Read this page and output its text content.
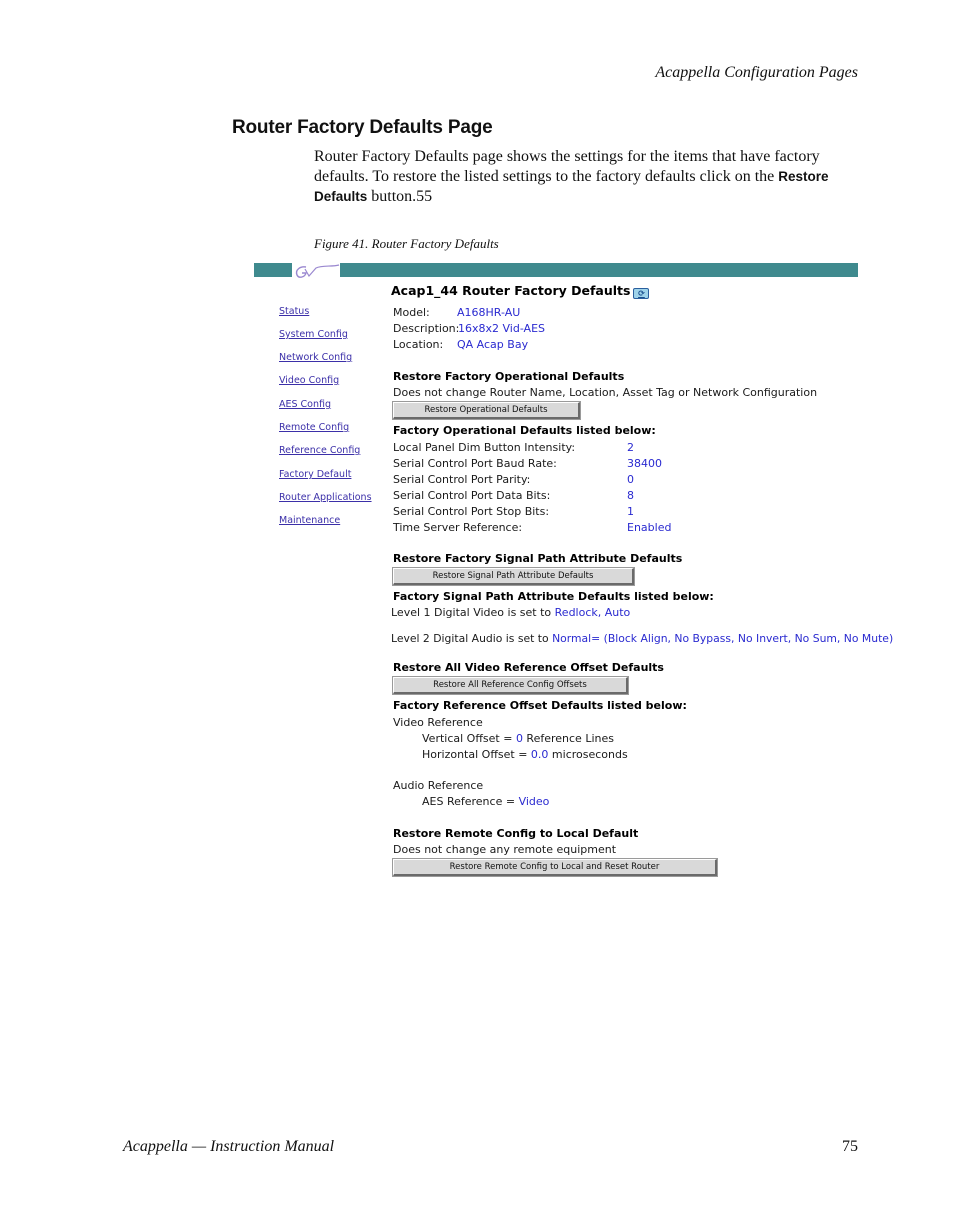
Acappella Configuration Pages
Router Factory Defaults Page
Router Factory Defaults page shows the settings for the items that have factory defaults. To restore the listed settings to the factory defaults click on the Restore Defaults button.55
Figure 41. Router Factory Defaults
Status
System Config
Network Config
Video Config
AES Config
Remote Config
Reference Config
Factory Default
Router Applications
Maintenance
Acap1_44 Router Factory Defaults ⟳
Model: A168HR-AU
Description:
16x8x2 Vid-AES
Location: QA Acap Bay
Restore Factory Operational Defaults
Does not change Router Name, Location, Asset Tag or Network Configuration
Restore Operational Defaults
Factory Operational Defaults listed below:
Local Panel Dim Button Intensity:	2
Serial Control Port Baud Rate:	38400
Serial Control Port Parity:	0
Serial Control Port Data Bits:	8
Serial Control Port Stop Bits:	1
Time Server Reference:	Enabled
Restore Factory Signal Path Attribute Defaults
Restore Signal Path Attribute Defaults
Factory Signal Path Attribute Defaults listed below:
Level 1 Digital Video is set to Redlock, Auto
Level 2 Digital Audio is set to Normal= (Block Align, No Bypass, No Invert, No Sum, No Mute)
Restore All Video Reference Offset Defaults
Restore All Reference Config Offsets
Factory Reference Offset Defaults listed below:
Video Reference
Vertical Offset = 0 Reference Lines
Horizontal Offset = 0.0 microseconds
Audio Reference
AES Reference = Video
Restore Remote Config to Local Default
Does not change any remote equipment
Restore Remote Config to Local and Reset Router
Acappella — Instruction Manual	75
